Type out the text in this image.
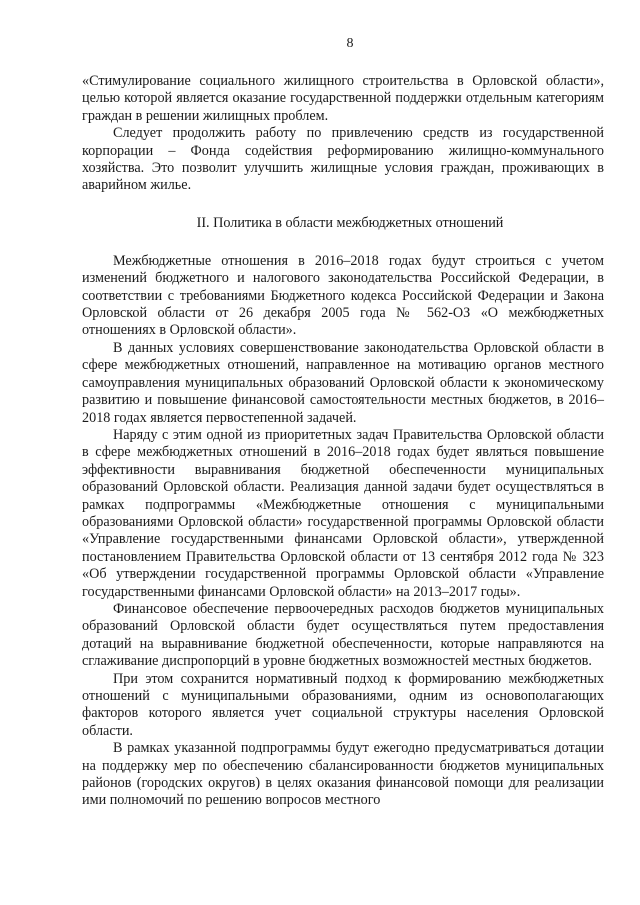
8

«Стимулирование социального жилищного строительства в Орловской области», целью которой является оказание государственной поддержки отдельным категориям граждан в решении жилищных проблем.

Следует продолжить работу по привлечению средств из государственной корпорации – Фонда содействия реформированию жилищно-коммунального хозяйства. Это позволит улучшить жилищные условия граждан, проживающих в аварийном жилье.

II. Политика в области межбюджетных отношений

Межбюджетные отношения в 2016–2018 годах будут строиться с учетом изменений бюджетного и налогового законодательства Российской Федерации, в соответствии с требованиями Бюджетного кодекса Российской Федерации и Закона Орловской области от 26 декабря 2005 года № 562-ОЗ «О межбюджетных отношениях в Орловской области».

В данных условиях совершенствование законодательства Орловской области в сфере межбюджетных отношений, направленное на мотивацию органов местного самоуправления муниципальных образований Орловской области к экономическому развитию и повышение финансовой самостоятельности местных бюджетов, в 2016–2018 годах является первостепенной задачей.

Наряду с этим одной из приоритетных задач Правительства Орловской области в сфере межбюджетных отношений в 2016–2018 годах будет являться повышение эффективности выравнивания бюджетной обеспеченности муниципальных образований Орловской области. Реализация данной задачи будет осуществляться в рамках подпрограммы «Межбюджетные отношения с муниципальными образованиями Орловской области» государственной программы Орловской области «Управление государственными финансами Орловской области», утвержденной постановлением Правительства Орловской области от 13 сентября 2012 года № 323 «Об утверждении государственной программы Орловской области «Управление государственными финансами Орловской области» на 2013–2017 годы».

Финансовое обеспечение первоочередных расходов бюджетов муниципальных образований Орловской области будет осуществляться путем предоставления дотаций на выравнивание бюджетной обеспеченности, которые направляются на сглаживание диспропорций в уровне бюджетных возможностей местных бюджетов.

При этом сохранится нормативный подход к формированию межбюджетных отношений с муниципальными образованиями, одним из основополагающих факторов которого является учет социальной структуры населения Орловской области.

В рамках указанной подпрограммы будут ежегодно предусматриваться дотации на поддержку мер по обеспечению сбалансированности бюджетов муниципальных районов (городских округов) в целях оказания финансовой помощи для реализации ими полномочий по решению вопросов местного
